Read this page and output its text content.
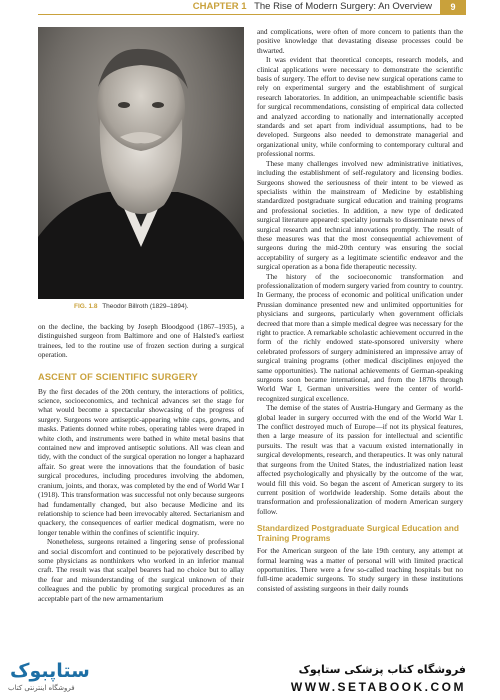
CHAPTER 1 The Rise of Modern Surgery: An Overview	9
FIG. 1.8 Theodor Billroth (1829–1894).

on the decline, the backing by Joseph Bloodgood (1867–1935), a distinguished surgeon from Baltimore and one of Halsted's earliest trainees, led to the routine use of frozen section during a surgical operation.

ASCENT OF SCIENTIFIC SURGERY

By the first decades of the 20th century, the interactions of politics, science, socioeconomics, and technical advances set the stage for what would become a spectacular showcasing of the progress of surgery. Surgeons wore antiseptic-appearing white caps, gowns, and masks. Patients donned white robes, operating tables were draped in white cloth, and instruments were bathed in white metal basins that contained new and improved antiseptic solutions. All was clean and tidy, with the conduct of the surgical operation no longer a haphazard affair. So great were the innovations that the foundation of basic surgical procedures, including procedures involving the abdomen, cranium, joints, and thorax, was completed by the end of World War I (1918). This transformation was successful not only because surgeons had fundamentally changed, but also because Medicine and its relationship to science had been irrevocably altered. Sectarianism and quackery, the consequences of earlier medical dogmatism, were no longer tenable within the confines of scientific inquiry.

Nonetheless, surgeons retained a lingering sense of professional and social discomfort and continued to be pejoratively described by some physicians as nonthinkers who worked in an inferior manual craft. The result was that scalpel bearers had no choice but to allay the fear and misunderstanding of the surgical unknown of their colleagues and the public by promoting surgical procedures as an acceptable part of the new armamentarium

and complications, were often of more concern to patients than the positive knowledge that devastating disease processes could be thwarted.

It was evident that theoretical concepts, research models, and clinical applications were necessary to demonstrate the scientific basis of surgery. The effort to devise new surgical operations came to rely on experimental surgery and the establishment of surgical research laboratories. In addition, an unimpeachable scientific basis for surgical recommendations, consisting of empirical data collected and analyzed according to nationally and internationally accepted standards and set apart from individual assumptions, had to be developed. Surgeons also needed to demonstrate managerial and organizational unity, while conforming to contemporary cultural and professional norms.

These many challenges involved new administrative initiatives, including the establishment of self-regulatory and licensing bodies. Surgeons showed the seriousness of their intent to be viewed as specialists within the mainstream of Medicine by establishing standardized postgraduate surgical education and training programs and professional societies. In addition, a new type of dedicated surgical literature appeared: specialty journals to disseminate news of surgical research and technical innovations promptly. The result of these measures was that the most consequential achievement of surgeons during the mid-20th century was ensuring the social acceptability of surgery as a legitimate scientific endeavor and the surgical operation as a bona fide therapeutic necessity.

The history of the socioeconomic transformation and professionalization of modern surgery varied from country to country. In Germany, the process of economic and political unification under Prussian dominance presented new and unlimited opportunities for physicians and surgeons, particularly when government officials decreed that more than a simple medical degree was necessary for the right to practice. A remarkable scholastic achievement occurred in the form of the richly endowed state-sponsored university where celebrated professors of surgery administered an impressive array of surgical training programs (other medical disciplines enjoyed the same opportunities). The national achievements of German-speaking surgeons soon became international, and from the 1870s through World War I, German universities were the center of world-recognized surgical excellence.

The demise of the states of Austria-Hungary and Germany as the global leader in surgery occurred with the end of the World War I. The conflict destroyed much of Europe—if not its physical features, then a large measure of its passion for intellectual and scientific pursuits. The result was that a vacuum existed internationally in surgical developments, research, and therapeutics. It was only natural that surgeons from the United States, the industrialized nation least affected psychologically and physically by the outcome of the war, would fill this void. So began the ascent of American surgery to its current position of worldwide leadership. Some details about the transformation and professionalization of modern American surgery follow.

Standardized Postgraduate Surgical Education and Training Programs

For the American surgeon of the late 19th century, any attempt at formal learning was a matter of personal will with limited practical opportunities. There were a few so-called teaching hospitals but no full-time academic surgeons. To study surgery in these institutions consisted of assisting surgeons in their daily rounds

ستاپبوک
فروشگاه اینترنتی کتاب
فروشگاه کتاب پزشکی ستاپوک
WWW.SETABOOK.COM
